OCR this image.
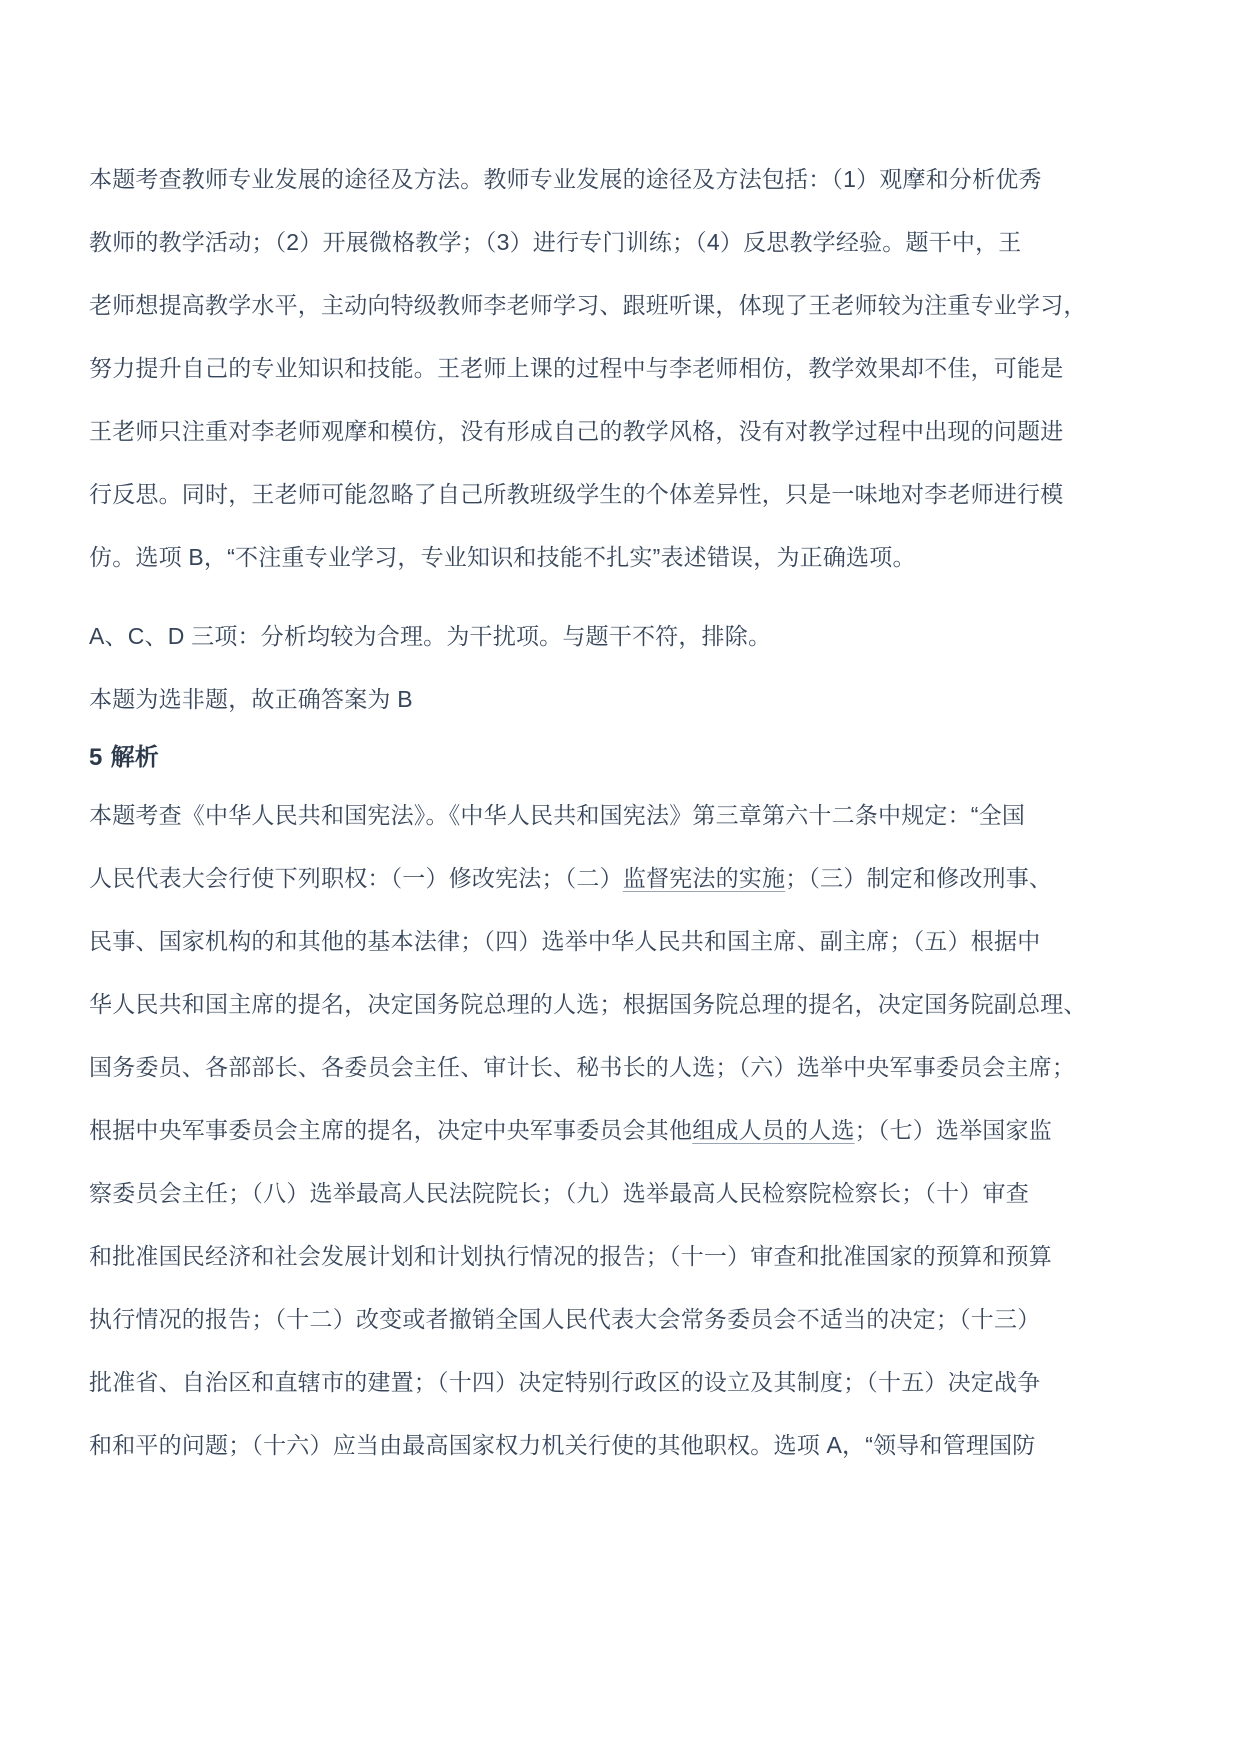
本题考查教师专业发展的途径及方法。教师专业发展的途径及方法包括：（1）观摩和分析优秀
教师的教学活动；（2）开展微格教学；（3）进行专门训练；（4）反思教学经验。题干中，王
老师想提高教学水平，主动向特级教师李老师学习、跟班听课，体现了王老师较为注重专业学习，
努力提升自己的专业知识和技能。王老师上课的过程中与李老师相仿，教学效果却不佳，可能是
王老师只注重对李老师观摩和模仿，没有形成自己的教学风格，没有对教学过程中出现的问题进
行反思。同时，王老师可能忽略了自己所教班级学生的个体差异性，只是一味地对李老师进行模
仿。选项 B，“不注重专业学习，专业知识和技能不扎实”表述错误，为正确选项。
A、C、D 三项：分析均较为合理。为干扰项。与题干不符，排除。
本题为选非题，故正确答案为 B
5 解析
本题考查《中华人民共和国宪法》。《中华人民共和国宪法》第三章第六十二条中规定：“全国
人民代表大会行使下列职权：（一）修改宪法；（二）监督宪法的实施；（三）制定和修改刑事、
民事、国家机构的和其他的基本法律；（四）选举中华人民共和国主席、副主席；（五）根据中
华人民共和国主席的提名，决定国务院总理的人选；根据国务院总理的提名，决定国务院副总理、
国务委员、各部部长、各委员会主任、审计长、秘书长的人选；（六）选举中央军事委员会主席；
根据中央军事委员会主席的提名，决定中央军事委员会其他组成人员的人选；（七）选举国家监
察委员会主任；（八）选举最高人民法院院长；（九）选举最高人民检察院检察长；（十）审查
和批准国民经济和社会发展计划和计划执行情况的报告；（十一）审查和批准国家的预算和预算
执行情况的报告；（十二）改变或者撤销全国人民代表大会常务委员会不适当的决定；（十三）
批准省、自治区和直辖市的建置；（十四）决定特别行政区的设立及其制度；（十五）决定战争
和和平的问题；（十六）应当由最高国家权力机关行使的其他职权。选项 A，“领导和管理国防
